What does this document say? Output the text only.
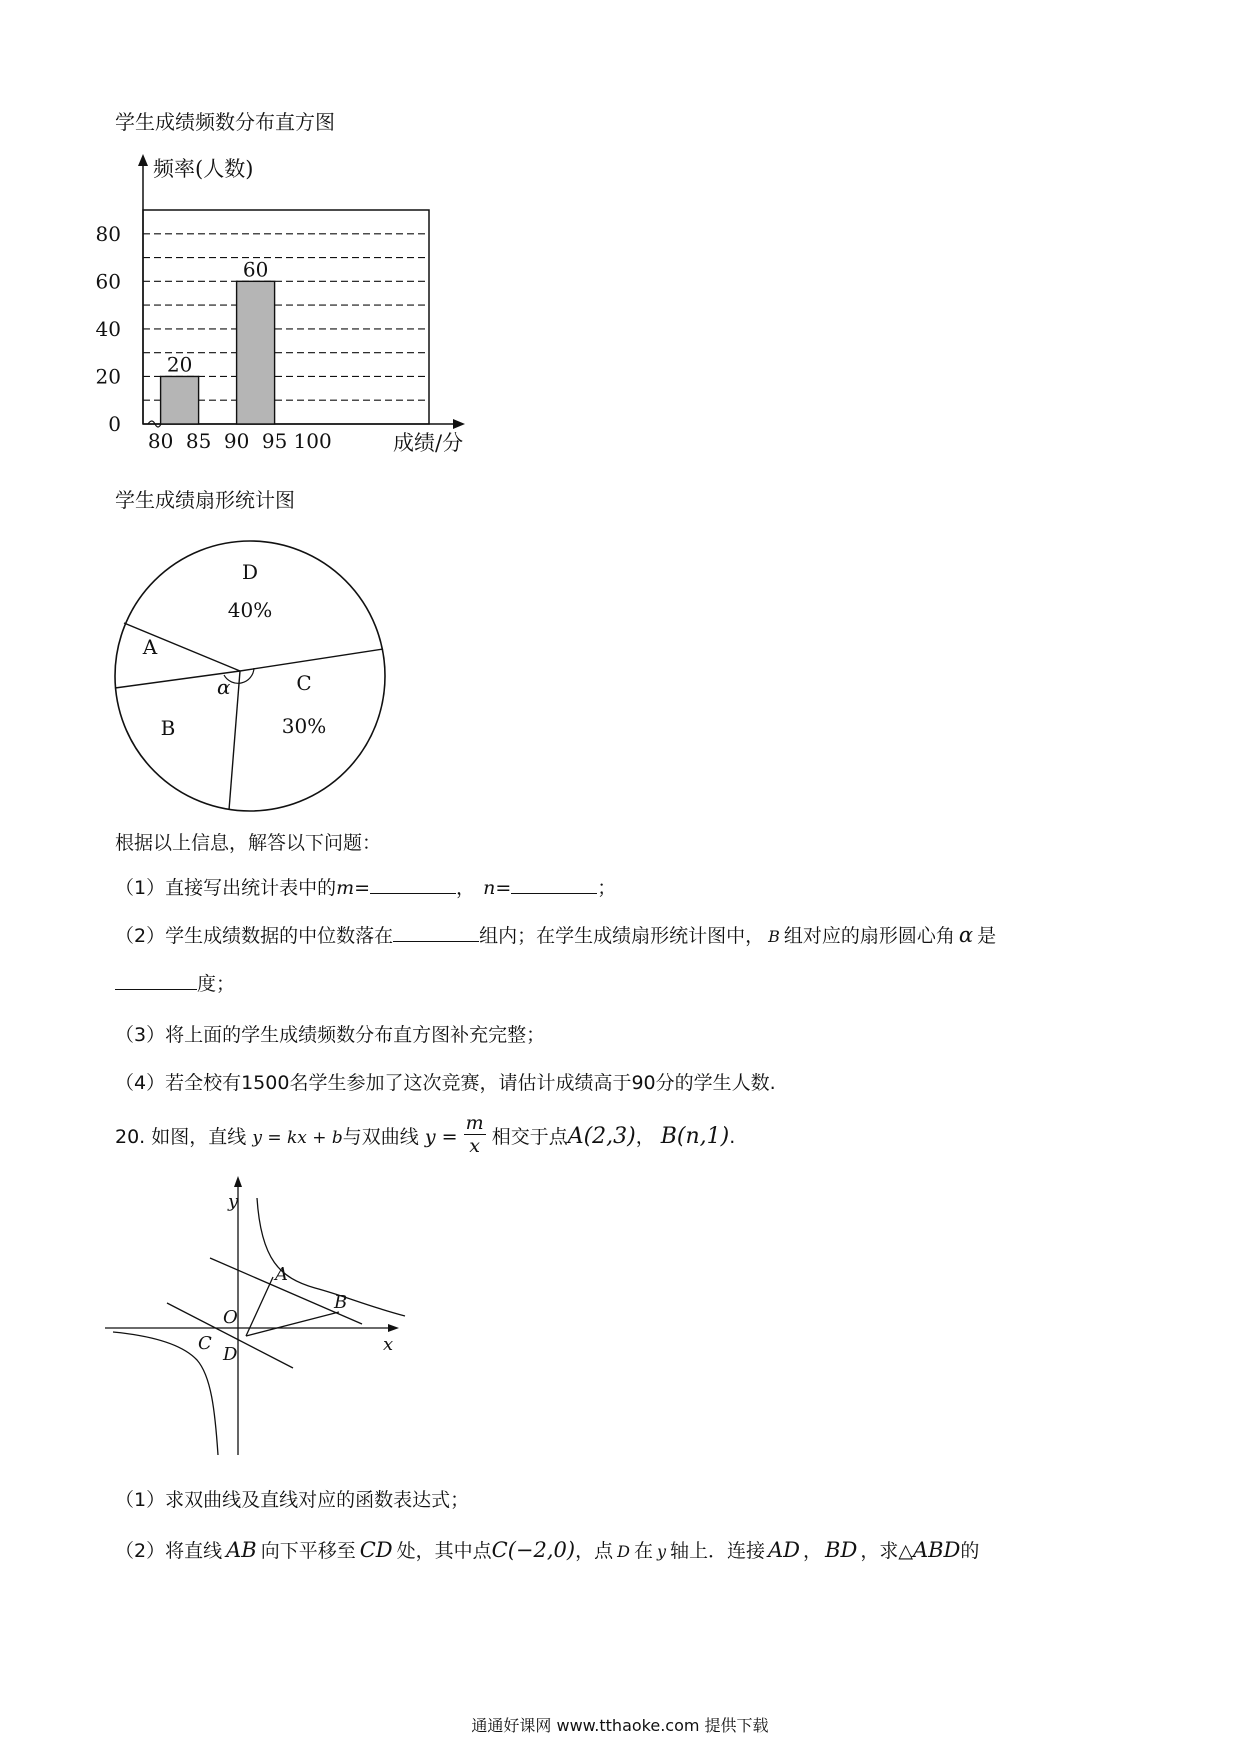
学生成绩频数分布直方图
20
60
0
20
40
60
80
80 85 90 95 100
频率(人数)
成绩/分
学生成绩扇形统计图
D
40%
A
B
C
30%
α
根据以上信息，解答以下问题：
（1）直接写出统计表中的m=	， n=	；
（2）学生成绩数据的中位数落在	组内；在学生成绩扇形统计图中， B 组对应的扇形圆心角 α 是
度；
（3）将上面的学生成绩频数分布直方图补充完整；
（4）若全校有1500名学生参加了这次竞赛，请估计成绩高于90分的学生人数.
20. 如图，直线 y = kx + b与双曲线 $y = \frac{m}{x}$ 相交于点A(2,3)， B(n,1).
y
x
O
A
B
C
D
（1）求双曲线及直线对应的函数表达式；
（2）将直线 AB 向下平移至 CD 处，其中点C(−2,0)，点 D 在 y 轴上．连接 AD ， BD ，求△ABD的
通通好课网 www.tthaoke.com 提供下载
